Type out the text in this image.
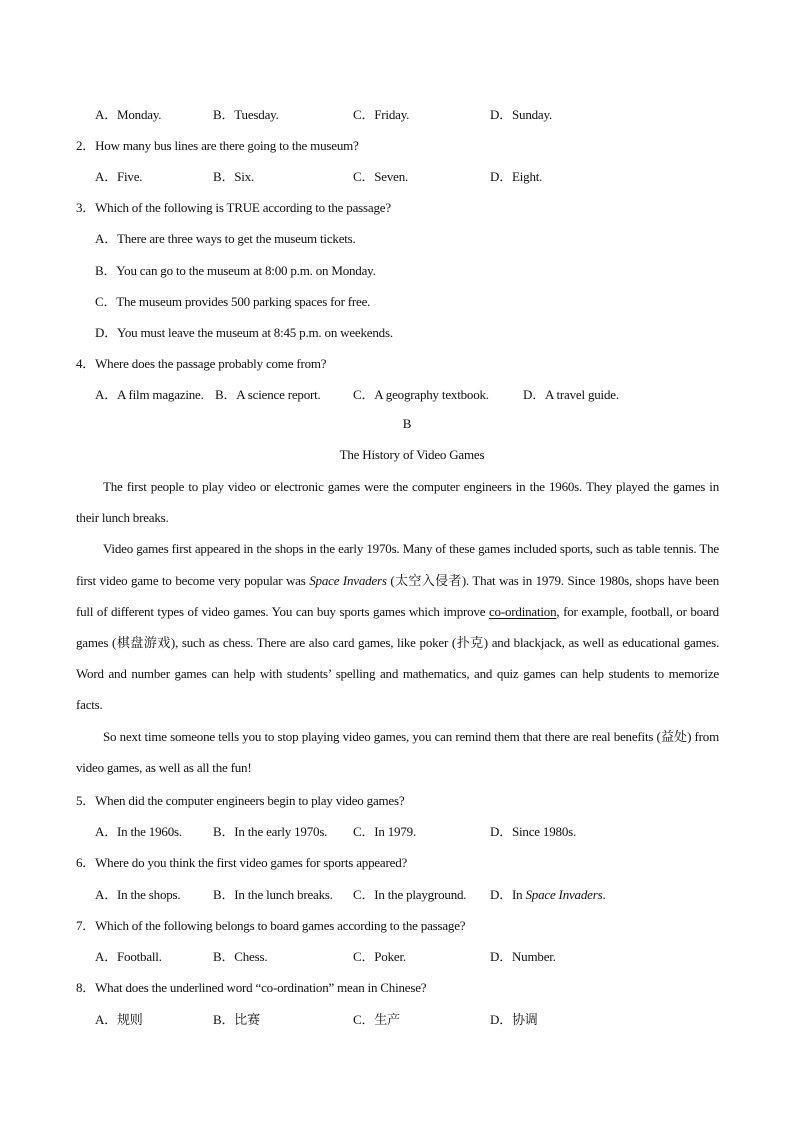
A．Monday.	B．Tuesday.	C．Friday.	D．Sunday.
2．How many bus lines are there going to the museum?
A．Five.	B．Six.	C．Seven.	D．Eight.
3．Which of the following is TRUE according to the passage?
A．There are three ways to get the museum tickets.
B．You can go to the museum at 8:00 p.m. on Monday.
C．The museum provides 500 parking spaces for free.
D．You must leave the museum at 8:45 p.m. on weekends.
4．Where does the passage probably come from?
A．A film magazine. B．A science report. C．A geography textbook.	D．A travel guide.
B
The History of Video Games

The first people to play video or electronic games were the computer engineers in the 1960s. They played the games in their lunch breaks.

Video games first appeared in the shops in the early 1970s. Many of these games included sports, such as table tennis. The first video game to become very popular was Space Invaders (太空入侵者). That was in 1979. Since 1980s, shops have been full of different types of video games. You can buy sports games which improve co-ordination, for example, football, or board games (棋盘游戏), such as chess. There are also card games, like poker (扑克) and blackjack, as well as educational games. Word and number games can help with students’ spelling and mathematics, and quiz games can help students to memorize facts.

So next time someone tells you to stop playing video games, you can remind them that there are real benefits (益处) from video games, as well as all the fun!

5．When did the computer engineers begin to play video games?
A．In the 1960s. B．In the early 1970s. C．In 1979.	D．Since 1980s.
6．Where do you think the first video games for sports appeared?
A．In the shops.	B．In the lunch breaks. C．In the playground. D．In Space Invaders.
7．Which of the following belongs to board games according to the passage?
A．Football.	B．Chess.	C．Poker.	D．Number.
8．What does the underlined word “co-ordination” mean in Chinese?
A．规则	B．比赛	C．生产	D．协调
